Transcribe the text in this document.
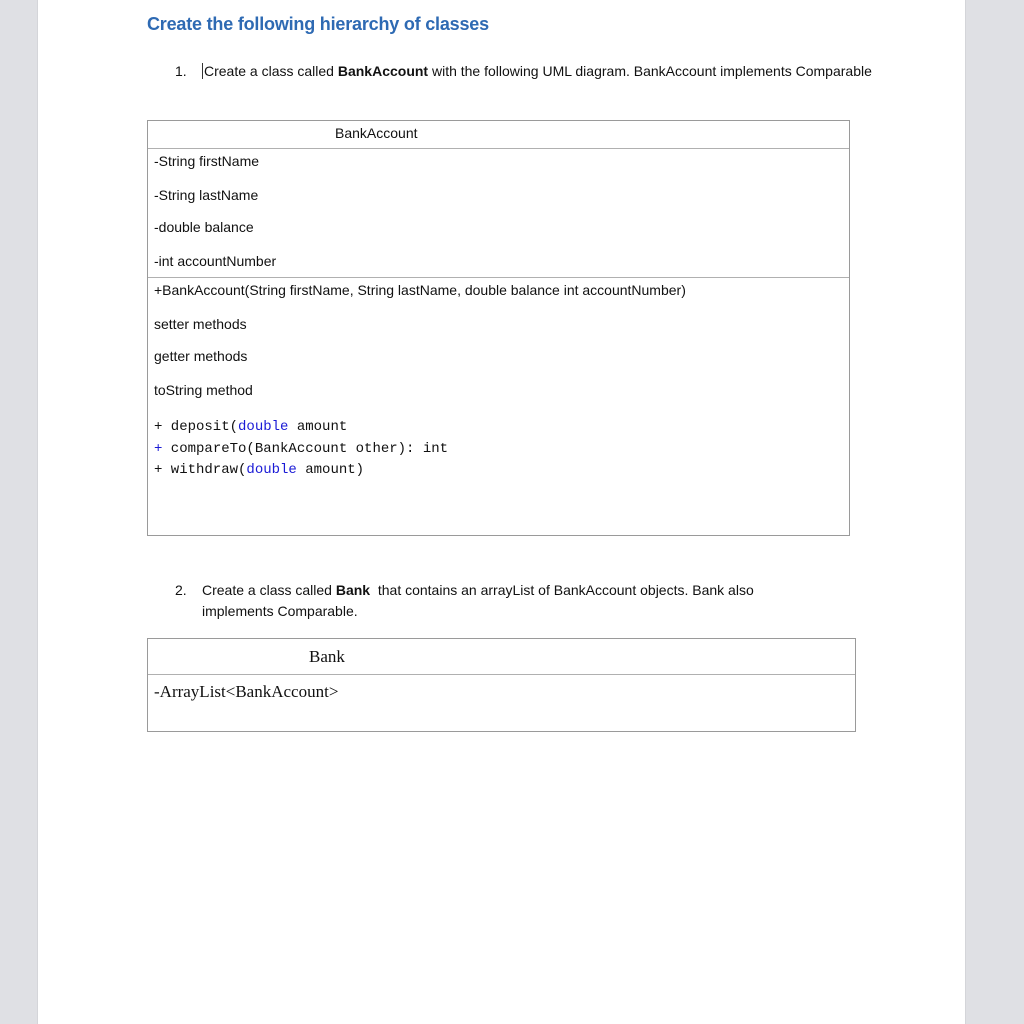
Create the following hierarchy of classes
1. Create a class called BankAccount with the following UML diagram. BankAccount implements Comparable
BankAccount
-String firstName
-String lastName
-double balance
-int accountNumber
+BankAccount(String firstName, String lastName, double balance int accountNumber)
setter methods
getter methods
toString method
+ deposit(double amount
+ compareTo(BankAccount other): int
+ withdraw(double amount)
2. Create a class called Bank  that contains an arrayList of BankAccount objects. Bank also implements Comparable.
Bank
-ArrayList<BankAccount>
